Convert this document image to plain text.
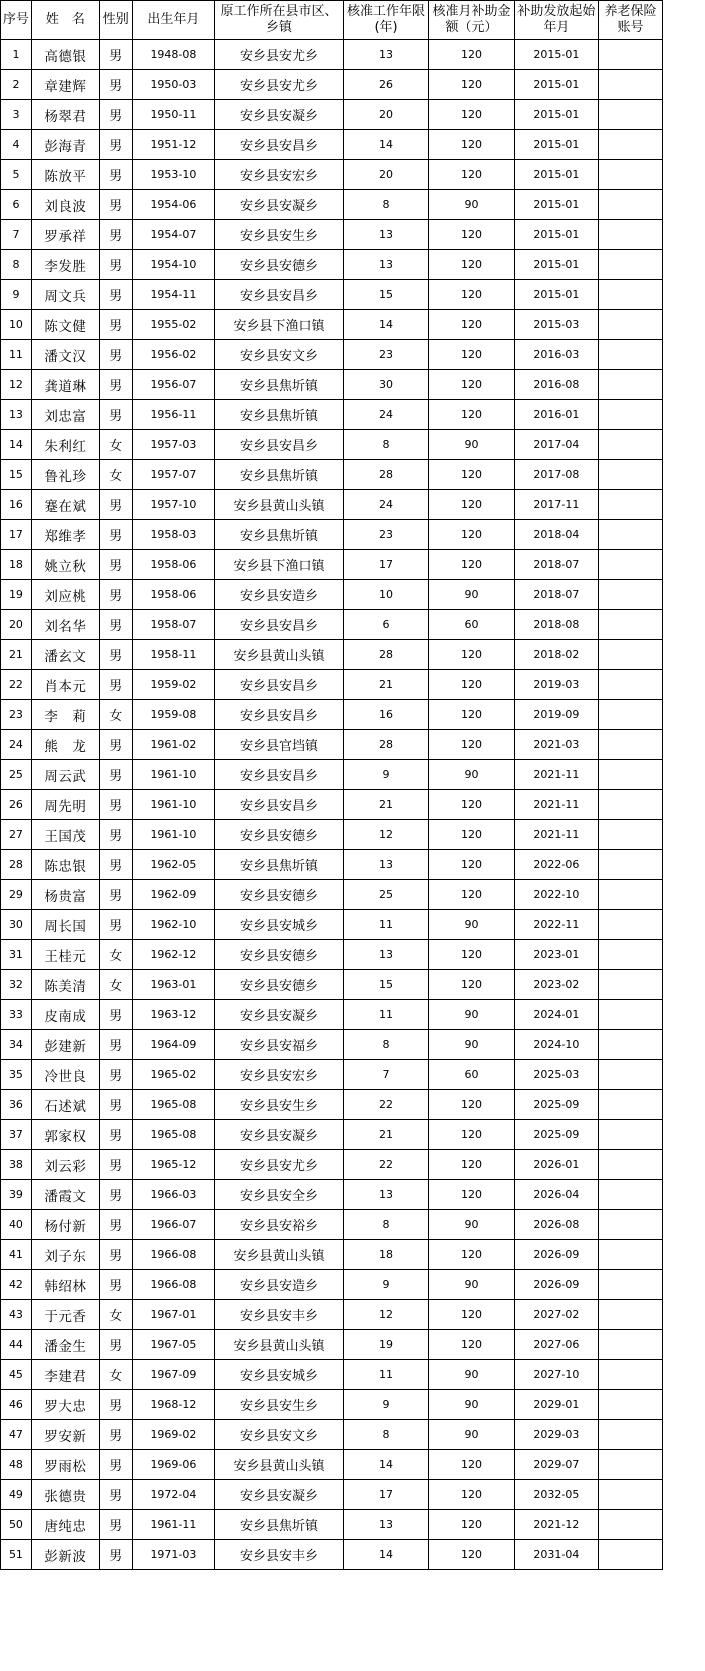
序号	姓　名	性别	出生年月	原工作所在县市区、乡镇	核准工作年限(年)	核准月补助金额（元）	补助发放起始年月	养老保险账号
1	高德银	男	1948-08	安乡县安尤乡	13	120	2015-01	
2	章建辉	男	1950-03	安乡县安尤乡	26	120	2015-01	
3	杨翠君	男	1950-11	安乡县安凝乡	20	120	2015-01	
4	彭海青	男	1951-12	安乡县安昌乡	14	120	2015-01	
5	陈放平	男	1953-10	安乡县安宏乡	20	120	2015-01	
6	刘良波	男	1954-06	安乡县安凝乡	8	90	2015-01	
7	罗承祥	男	1954-07	安乡县安生乡	13	120	2015-01	
8	李发胜	男	1954-10	安乡县安德乡	13	120	2015-01	
9	周文兵	男	1954-11	安乡县安昌乡	15	120	2015-01	
10	陈文健	男	1955-02	安乡县下渔口镇	14	120	2015-03	
11	潘文汉	男	1956-02	安乡县安文乡	23	120	2016-03	
12	龚道琳	男	1956-07	安乡县焦圻镇	30	120	2016-08	
13	刘忠富	男	1956-11	安乡县焦圻镇	24	120	2016-01	
14	朱利红	女	1957-03	安乡县安昌乡	8	90	2017-04	
15	鲁礼珍	女	1957-07	安乡县焦圻镇	28	120	2017-08	
16	蹇在斌	男	1957-10	安乡县黄山头镇	24	120	2017-11	
17	郑维孝	男	1958-03	安乡县焦圻镇	23	120	2018-04	
18	姚立秋	男	1958-06	安乡县下渔口镇	17	120	2018-07	
19	刘应桃	男	1958-06	安乡县安造乡	10	90	2018-07	
20	刘名华	男	1958-07	安乡县安昌乡	6	60	2018-08	
21	潘玄文	男	1958-11	安乡县黄山头镇	28	120	2018-02	
22	肖本元	男	1959-02	安乡县安昌乡	21	120	2019-03	
23	李　莉	女	1959-08	安乡县安昌乡	16	120	2019-09	
24	熊　龙	男	1961-02	安乡县官垱镇	28	120	2021-03	
25	周云武	男	1961-10	安乡县安昌乡	9	90	2021-11	
26	周先明	男	1961-10	安乡县安昌乡	21	120	2021-11	
27	王国茂	男	1961-10	安乡县安德乡	12	120	2021-11	
28	陈忠银	男	1962-05	安乡县焦圻镇	13	120	2022-06	
29	杨贵富	男	1962-09	安乡县安德乡	25	120	2022-10	
30	周长国	男	1962-10	安乡县安城乡	11	90	2022-11	
31	王桂元	女	1962-12	安乡县安德乡	13	120	2023-01	
32	陈美清	女	1963-01	安乡县安德乡	15	120	2023-02	
33	皮南成	男	1963-12	安乡县安凝乡	11	90	2024-01	
34	彭建新	男	1964-09	安乡县安福乡	8	90	2024-10	
35	冷世良	男	1965-02	安乡县安宏乡	7	60	2025-03	
36	石述斌	男	1965-08	安乡县安生乡	22	120	2025-09	
37	郭家权	男	1965-08	安乡县安凝乡	21	120	2025-09	
38	刘云彩	男	1965-12	安乡县安尤乡	22	120	2026-01	
39	潘霞文	男	1966-03	安乡县安全乡	13	120	2026-04	
40	杨付新	男	1966-07	安乡县安裕乡	8	90	2026-08	
41	刘子东	男	1966-08	安乡县黄山头镇	18	120	2026-09	
42	韩绍林	男	1966-08	安乡县安造乡	9	90	2026-09	
43	于元香	女	1967-01	安乡县安丰乡	12	120	2027-02	
44	潘金生	男	1967-05	安乡县黄山头镇	19	120	2027-06	
45	李建君	女	1967-09	安乡县安城乡	11	90	2027-10	
46	罗大忠	男	1968-12	安乡县安生乡	9	90	2029-01	
47	罗安新	男	1969-02	安乡县安文乡	8	90	2029-03	
48	罗雨松	男	1969-06	安乡县黄山头镇	14	120	2029-07	
49	张德贵	男	1972-04	安乡县安凝乡	17	120	2032-05	
50	唐纯忠	男	1961-11	安乡县焦圻镇	13	120	2021-12	
51	彭新波	男	1971-03	安乡县安丰乡	14	120	2031-04	
